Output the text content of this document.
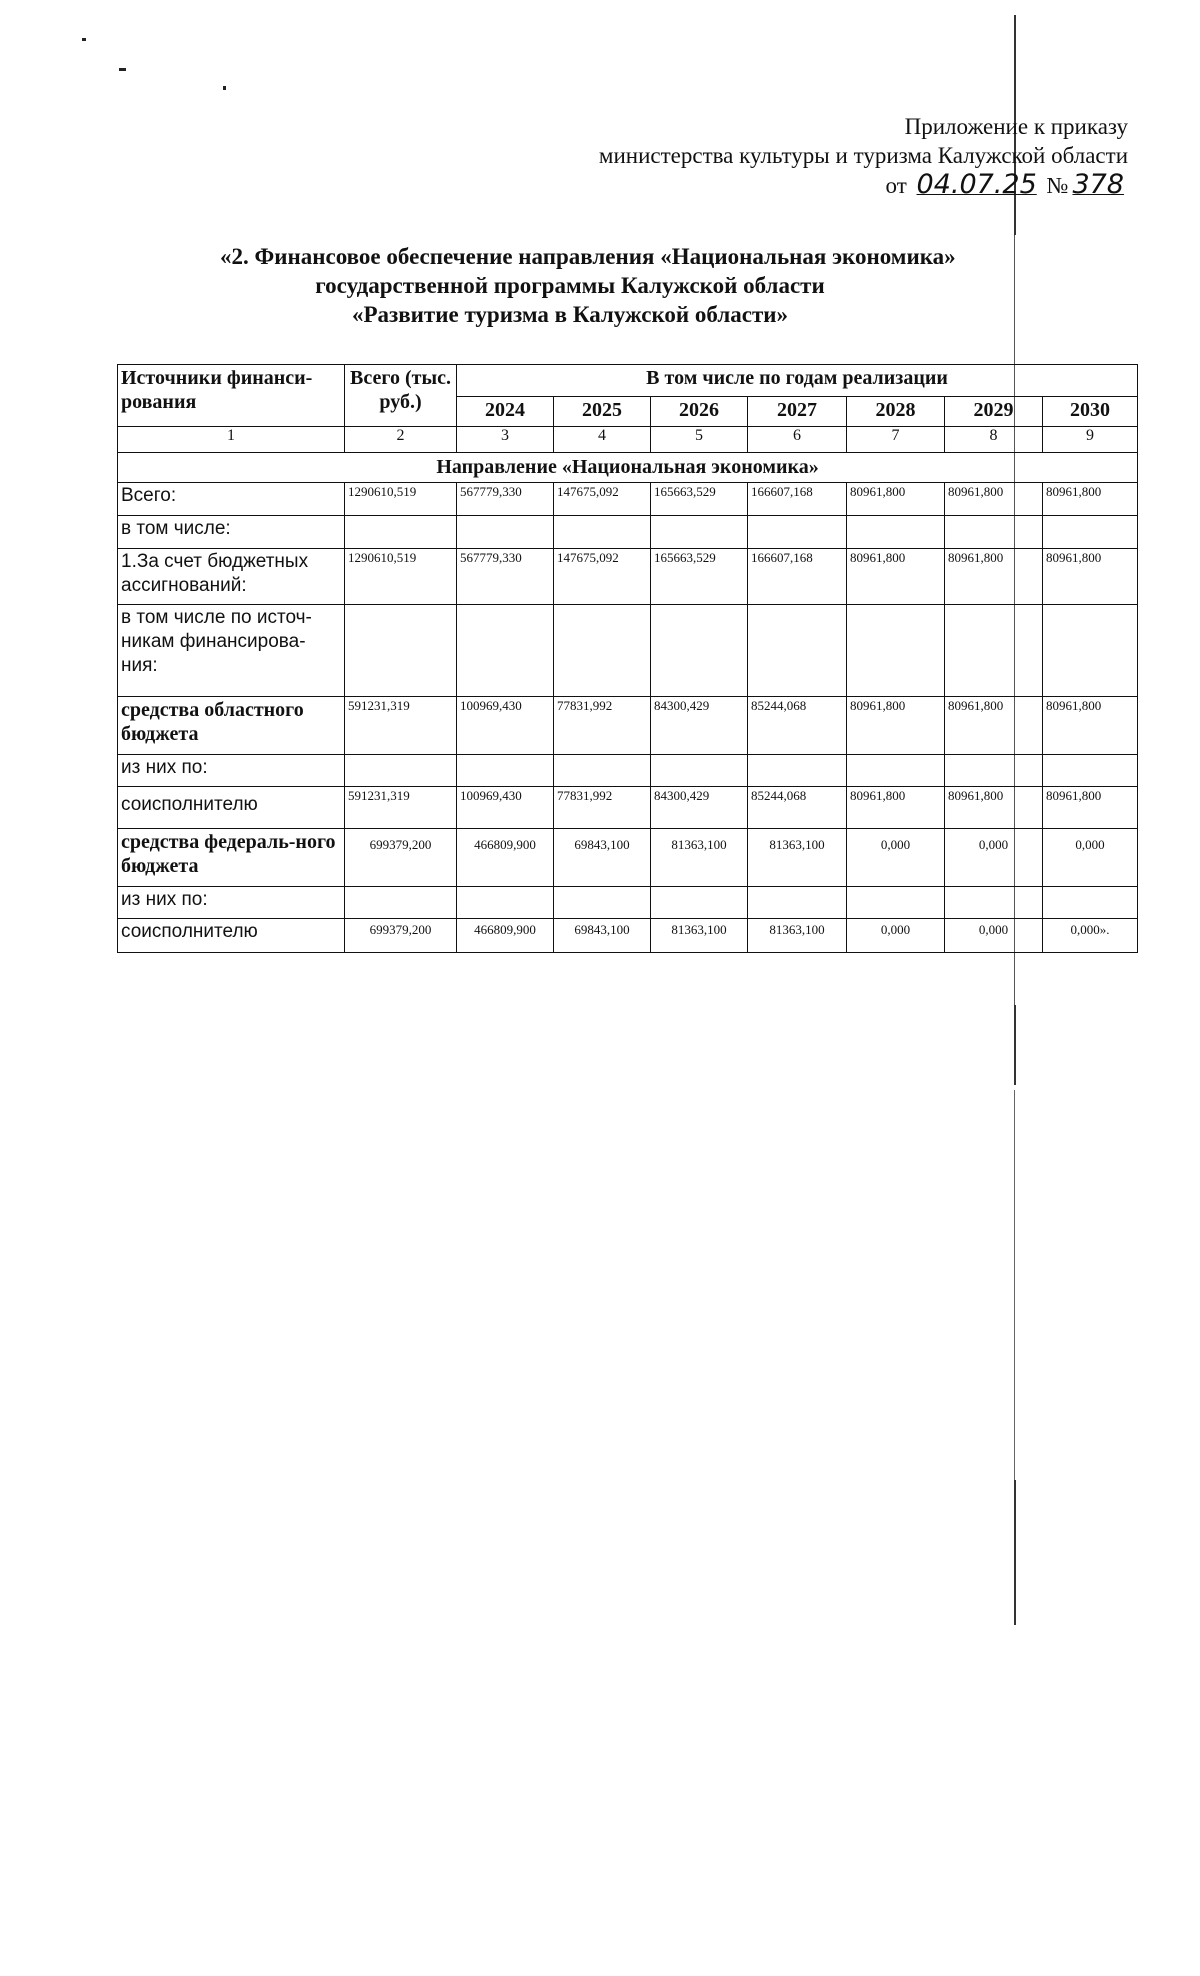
Приложение к приказу
министерства культуры и туризма Калужской области
от 04.07.25 № 378
«2. Финансовое обеспечение направления «Национальная экономика»
государственной программы Калужской области
«Развитие туризма в Калужской области»
Источники финанси-рования	Всего (тыс. руб.)	В том числе по годам реализации						
		2024	2025	2026	2027	2028	2029	2030
1	2	3	4	5	6	7	8	9
Направление «Национальная экономика»								
Всего:	1290610,519	567779,330	147675,092	165663,529	166607,168	80961,800	80961,800	80961,800
в том числе:								
1.За счет бюджетных ассигнований:	1290610,519	567779,330	147675,092	165663,529	166607,168	80961,800	80961,800	80961,800
в том числе по источ-никам финансирова-ния:								
средства областного бюджета	591231,319	100969,430	77831,992	84300,429	85244,068	80961,800	80961,800	80961,800
из них по:								
соисполнителю	591231,319	100969,430	77831,992	84300,429	85244,068	80961,800	80961,800	80961,800
средства федераль-ного бюджета	699379,200	466809,900	69843,100	81363,100	81363,100	0,000	0,000	0,000
из них по:								
соисполнителю	699379,200	466809,900	69843,100	81363,100	81363,100	0,000	0,000	0,000».
